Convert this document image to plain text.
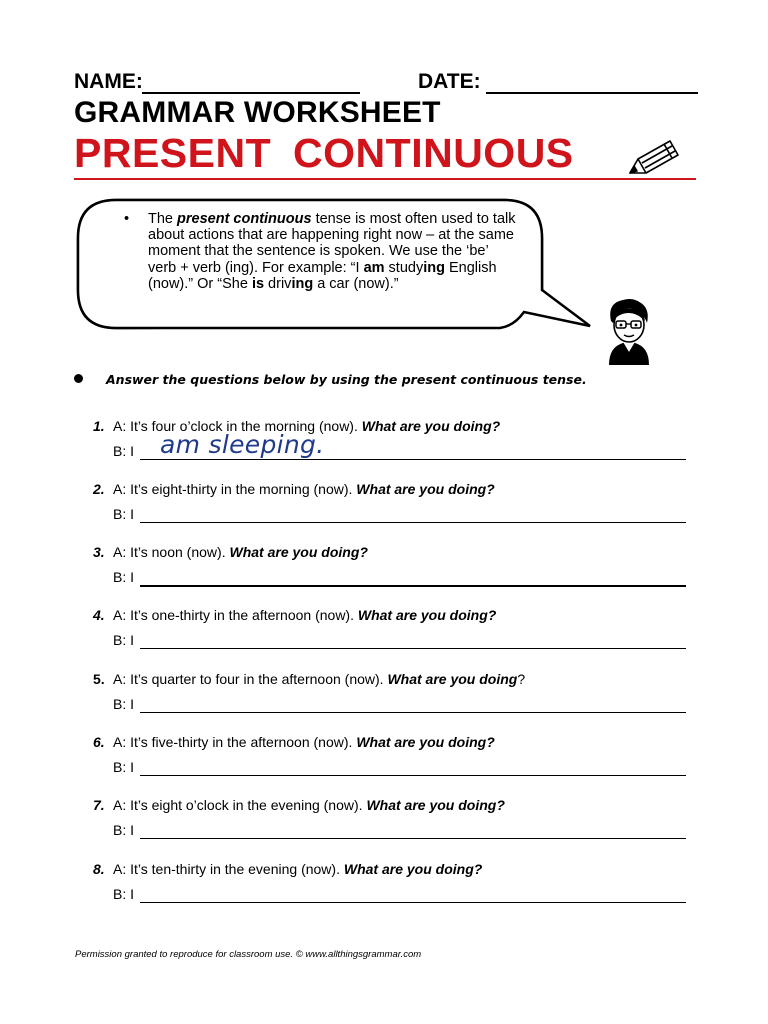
NAME:	DATE:
GRAMMAR WORKSHEET
PRESENT CONTINUOUS
• The present continuous tense is most often used to talk about actions that are happening right now – at the same moment that the sentence is spoken. We use the ‘be’ verb + verb (ing). For example: “I am studying English (now).” Or “She is driving a car (now).”
Answer the questions below by using the present continuous tense.
1. A: It’s four o’clock in the morning (now). What are you doing?
B: I am sleeping.
2. A: It’s eight-thirty in the morning (now). What are you doing?
B: I
3. A: It’s noon (now). What are you doing?
B: I
4. A: It’s one-thirty in the afternoon (now). What are you doing?
B: I
5. A: It’s quarter to four in the afternoon (now). What are you doing?
B: I
6. A: It’s five-thirty in the afternoon (now). What are you doing?
B: I
7. A: It’s eight o’clock in the evening (now). What are you doing?
B: I
8. A: It’s ten-thirty in the evening (now). What are you doing?
B: I
Permission granted to reproduce for classroom use. © www.allthingsgrammar.com
